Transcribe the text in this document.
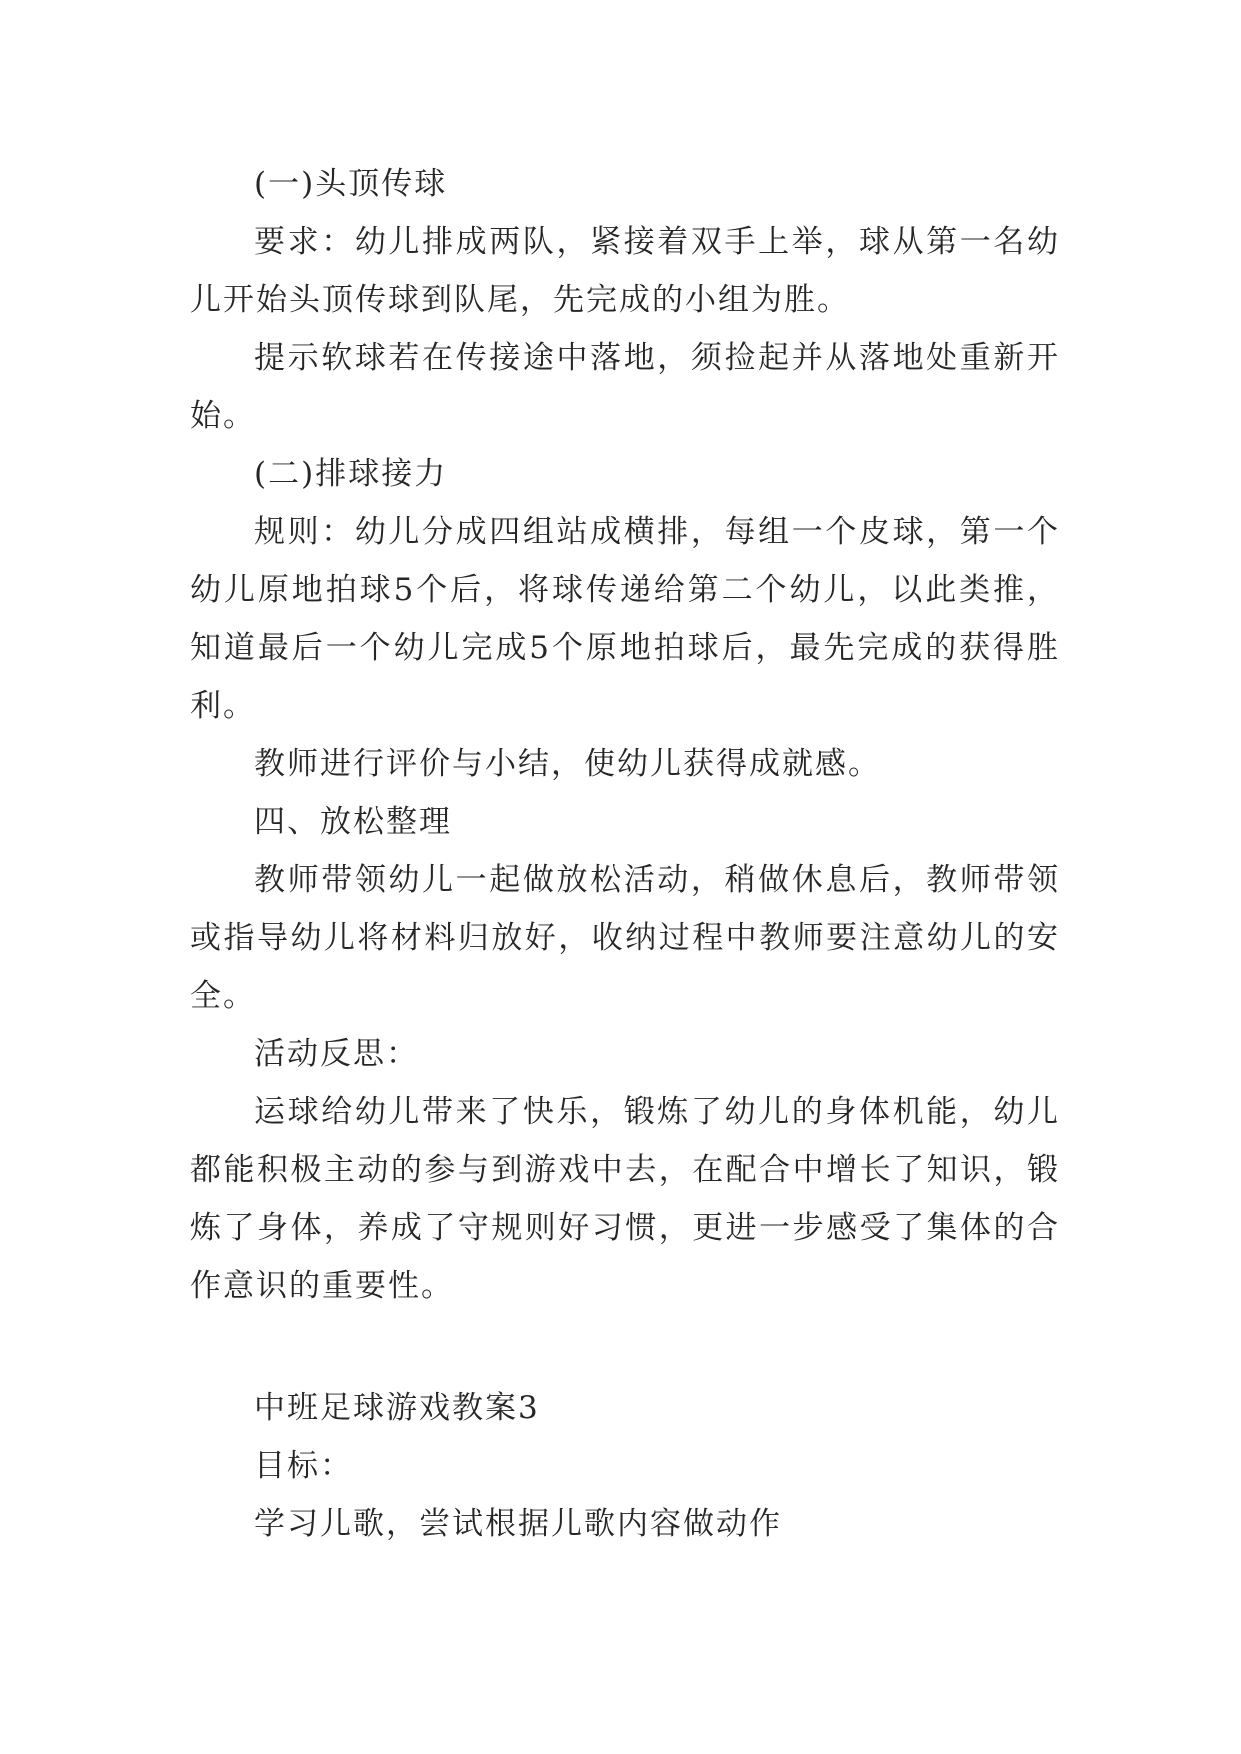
(一)头顶传球

要求：幼儿排成两队，紧接着双手上举，球从第一名幼儿开始头顶传球到队尾，先完成的小组为胜。

提示软球若在传接途中落地，须捡起并从落地处重新开始。

(二)排球接力

规则：幼儿分成四组站成横排，每组一个皮球，第一个幼儿原地拍球5个后，将球传递给第二个幼儿，以此类推，知道最后一个幼儿完成5个原地拍球后，最先完成的获得胜利。

教师进行评价与小结，使幼儿获得成就感。

四、放松整理

教师带领幼儿一起做放松活动，稍做休息后，教师带领或指导幼儿将材料归放好，收纳过程中教师要注意幼儿的安全。

活动反思：

运球给幼儿带来了快乐，锻炼了幼儿的身体机能，幼儿都能积极主动的参与到游戏中去，在配合中增长了知识，锻炼了身体，养成了守规则好习惯，更进一步感受了集体的合作意识的重要性。

中班足球游戏教案3

目标：

学习儿歌，尝试根据儿歌内容做动作
